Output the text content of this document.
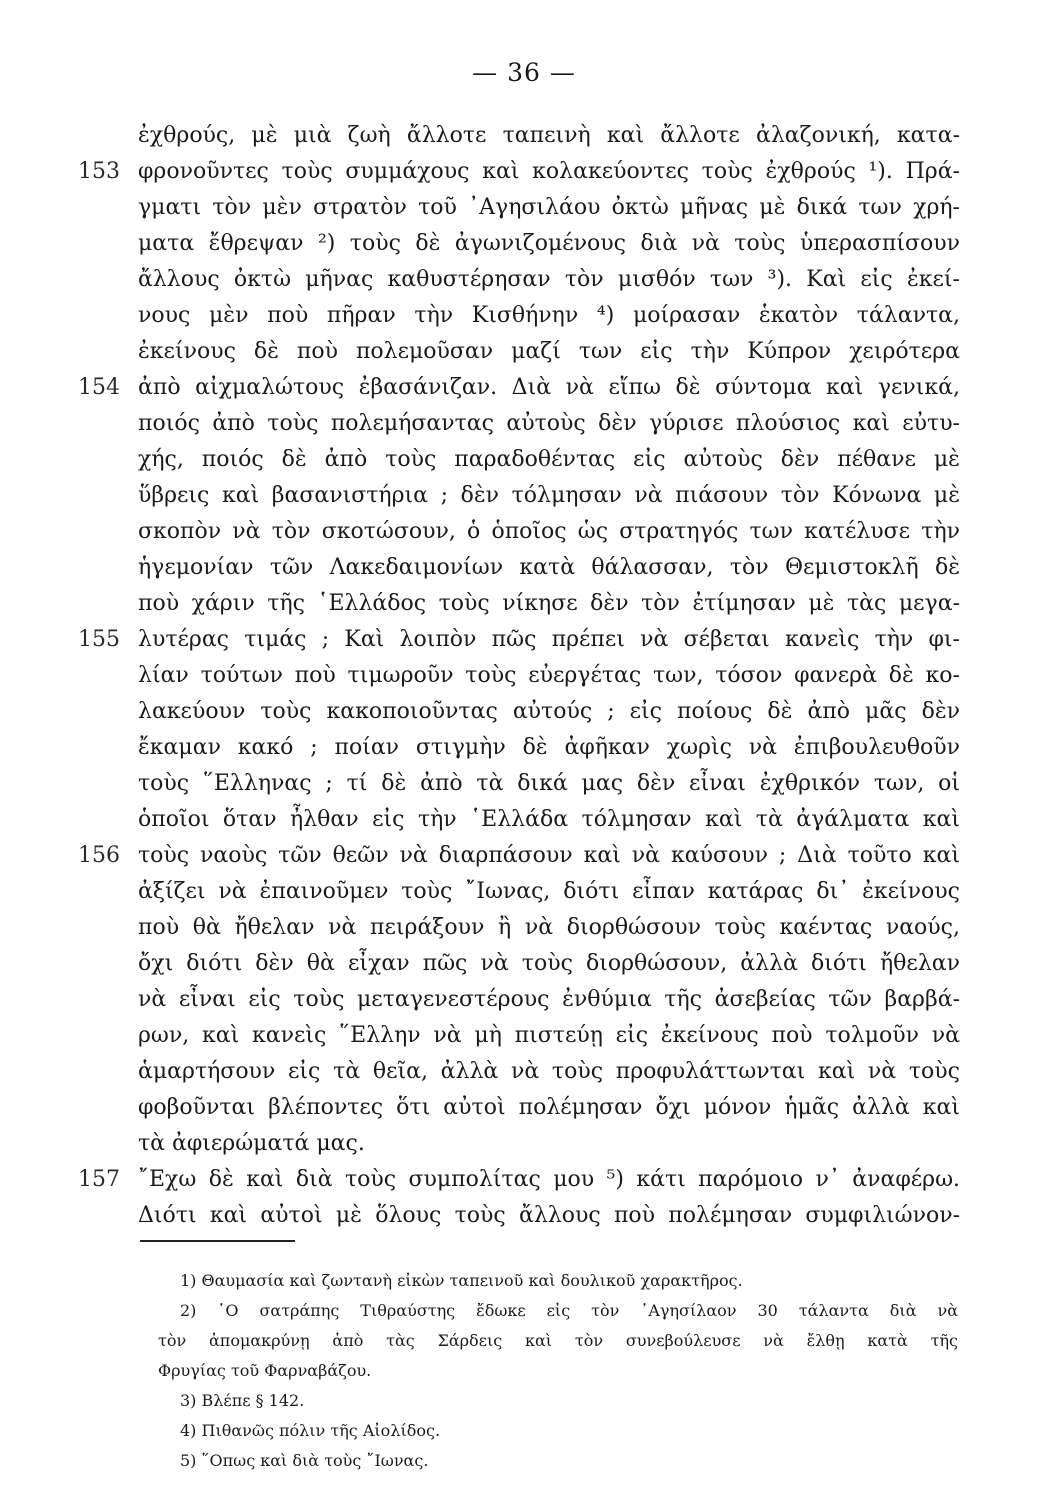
— 36 —
ἐχθρούς, μὲ μιὰ ζωὴ ἄλλοτε ταπεινὴ καὶ ἄλλοτε ἀλαζονική, κατα-
φρονοῦντες τοὺς συμμάχους καὶ κολακεύοντες τοὺς ἐχθρούς ¹). Πρά-
γματι τὸν μὲν στρατὸν τοῦ ᾿Αγησιλάου ὀκτὼ μῆνας μὲ δικά των χρή-
ματα ἔθρεψαν ²) τοὺς δὲ ἀγωνιζομένους διὰ νὰ τοὺς ὑπερασπίσουν
ἄλλους ὀκτὼ μῆνας καθυστέρησαν τὸν μισθόν των ³). Καὶ εἰς ἐκεί-
νους μὲν ποὺ πῆραν τὴν Κισθήνην ⁴) μοίρασαν ἑκατὸν τάλαντα,
ἐκείνους δὲ ποὺ πολεμοῦσαν μαζί των εἰς τὴν Κύπρον χειρότερα
ἀπὸ αἰχμαλώτους ἐβασάνιζαν. Διὰ νὰ εἴπω δὲ σύντομα καὶ γενικά,
ποιός ἀπὸ τοὺς πολεμήσαντας αὐτοὺς δὲν γύρισε πλούσιος καὶ εὐτυ-
χής, ποιός δὲ ἀπὸ τοὺς παραδοθέντας εἰς αὐτοὺς δὲν πέθανε μὲ
ὕβρεις καὶ βασανιστήρια ; δὲν τόλμησαν νὰ πιάσουν τὸν Κόνωνα μὲ
σκοπὸν νὰ τὸν σκοτώσουν, ὁ ὁποῖος ὡς στρατηγός των κατέλυσε τὴν
ἡγεμονίαν τῶν Λακεδαιμονίων κατὰ θάλασσαν, τὸν Θεμιστοκλῆ δὲ
ποὺ χάριν τῆς ῾Ελλάδος τοὺς νίκησε δὲν τὸν ἐτίμησαν μὲ τὰς μεγα-
λυτέρας τιμάς ; Καὶ λοιπὸν πῶς πρέπει νὰ σέβεται κανεὶς τὴν φι-
λίαν τούτων ποὺ τιμωροῦν τοὺς εὐεργέτας των, τόσον φανερὰ δὲ κο-
λακεύουν τοὺς κακοποιοῦντας αὐτούς ; εἰς ποίους δὲ ἀπὸ μᾶς δὲν
ἔκαμαν κακό ; ποίαν στιγμὴν δὲ ἀφῆκαν χωρὶς νὰ ἐπιβουλευθοῦν
τοὺς ῞Ελληνας ; τί δὲ ἀπὸ τὰ δικά μας δὲν εἶναι ἐχθρικόν των, οἱ
ὁποῖοι ὅταν ἦλθαν εἰς τὴν ῾Ελλάδα τόλμησαν καὶ τὰ ἀγάλματα καὶ
τοὺς ναοὺς τῶν θεῶν νὰ διαρπάσουν καὶ νὰ καύσουν ; Διὰ τοῦτο καὶ
ἀξίζει νὰ ἐπαινοῦμεν τοὺς ῎Ιωνας, διότι εἶπαν κατάρας δι᾿ ἐκείνους
ποὺ θὰ ἤθελαν νὰ πειράξουν ἢ νὰ διορθώσουν τοὺς καέντας ναούς,
ὄχι διότι δὲν θὰ εἶχαν πῶς νὰ τοὺς διορθώσουν, ἀλλὰ διότι ἤθελαν
νὰ εἶναι εἰς τοὺς μεταγενεστέρους ἐνθύμια τῆς ἀσεβείας τῶν βαρβά-
ρων, καὶ κανεὶς ῞Ελλην νὰ μὴ πιστεύῃ εἰς ἐκείνους ποὺ τολμοῦν νὰ
ἁμαρτήσουν εἰς τὰ θεῖα, ἀλλὰ νὰ τοὺς προφυλάττωνται καὶ νὰ τοὺς
φοβοῦνται βλέποντες ὅτι αὐτοὶ πολέμησαν ὄχι μόνον ἡμᾶς ἀλλὰ καὶ
τὰ ἀφιερώματά μας.
῎Εχω δὲ καὶ διὰ τοὺς συμπολίτας μου ⁵) κάτι παρόμοιο ν᾿ ἀναφέρω.
Διότι καὶ αὐτοὶ μὲ ὅλους τοὺς ἄλλους ποὺ πολέμησαν συμφιλιώνον-
153
154
155
156
157
1) Θαυμασία καὶ ζωντανὴ εἰκὼν ταπεινοῦ καὶ δουλικοῦ χαρακτῆρος.
2) ῾Ο σατράπης Τιθραύστης ἔδωκε εἰς τὸν ᾿Αγησίλαον 30 τάλαντα διὰ νὰ
τὸν ἀπομακρύνῃ ἀπὸ τὰς Σάρδεις καὶ τὸν συνεβούλευσε νὰ ἔλθῃ κατὰ τῆς
Φρυγίας τοῦ Φαρναβάζου.
3) Βλέπε § 142.
4) Πιθανῶς πόλιν τῆς Αἰολίδος.
5) ῞Οπως καὶ διὰ τοὺς ῎Ιωνας.
